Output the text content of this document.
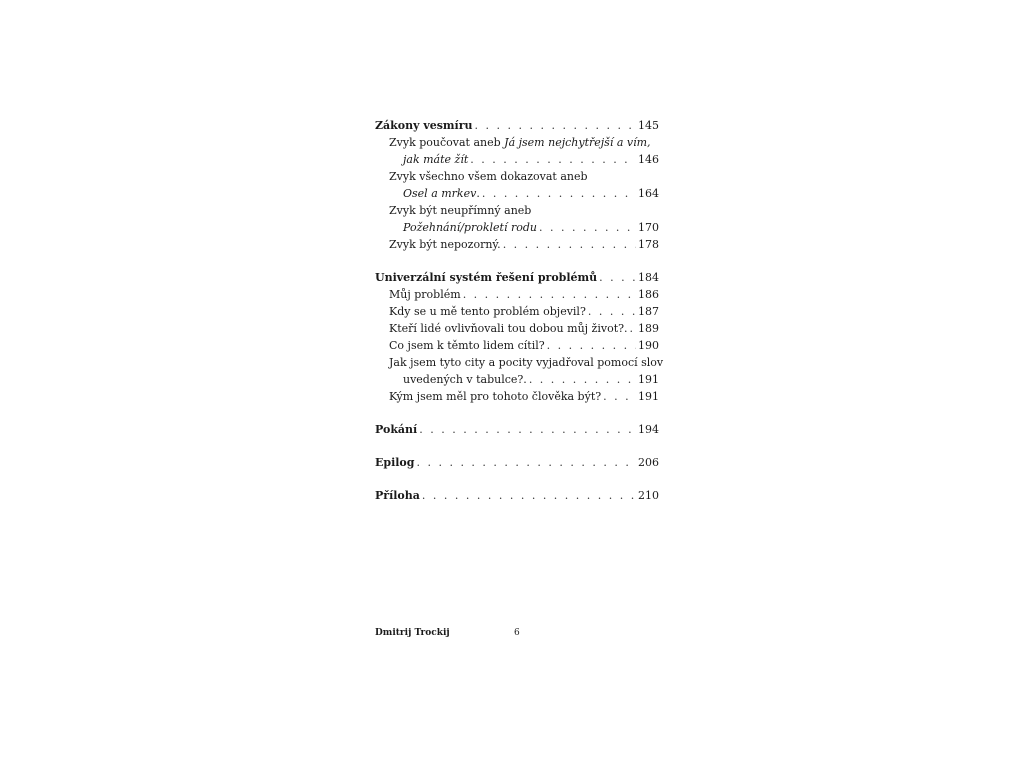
Zákony vesmíru . . .	145
Zvyk poučovat aneb Já jsem nejchytřejší a vím,
jak máte žít . . .	146
Zvyk všechno všem dokazovat aneb
Osel a mrkev. . . .	164
Zvyk být neupřímný aneb
Požehnání/prokletí rodu . . .	170
Zvyk být nepozorný. . . .	178
Univerzální systém řešení problémů . . .	184
Můj problém . . .	186
Kdy se u mě tento problém objevil? . . .	187
Kteří lidé ovlivňovali tou dobou můj život?. . . . 189
Co jsem k těmto lidem cítil? . . .	190
Jak jsem tyto city a pocity vyjadřoval pomocí slov
uvedených v tabulce?. . . .	191
Kým jsem měl pro tohoto člověka být? . . .	191
Pokání . . .	194
Epilog . . .	206
Příloha . . .	210
Dmitrij Trockij	6
